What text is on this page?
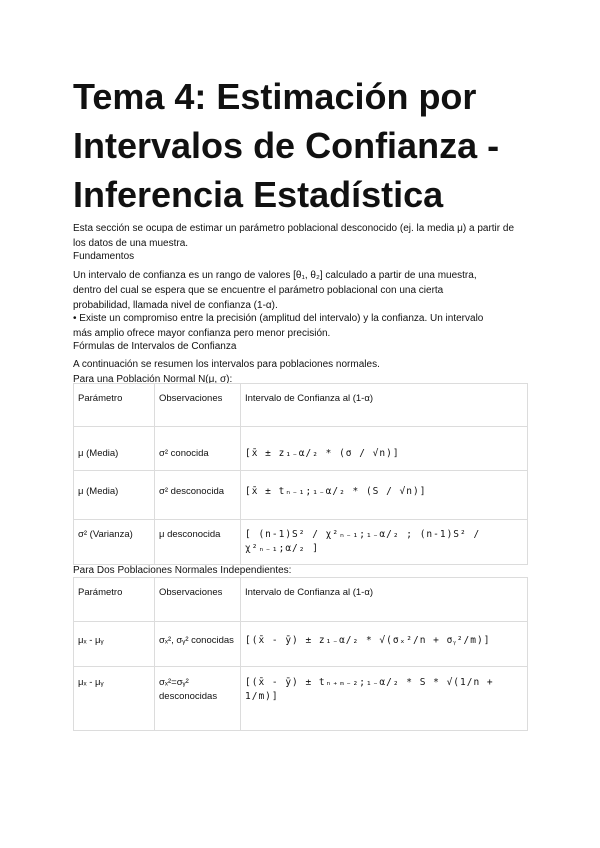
Tema 4: Estimación por Intervalos de Confianza - Inferencia Estadística
Esta sección se ocupa de estimar un parámetro poblacional desconocido (ej. la media μ) a partir de los datos de una muestra.
Fundamentos
Un intervalo de confianza es un rango de valores [θ₁, θ₂] calculado a partir de una muestra,
dentro del cual se espera que se encuentre el parámetro poblacional con una cierta
probabilidad, llamada nivel de confianza (1-α).
• Existe un compromiso entre la precisión (amplitud del intervalo) y la confianza. Un intervalo
más amplio ofrece mayor confianza pero menor precisión.
Fórmulas de Intervalos de Confianza
A continuación se resumen los intervalos para poblaciones normales.
Para una Población Normal N(μ, σ):
Parámetro	Observaciones	Intervalo de Confianza al (1-α)

μ (Media)	σ² conocida	[x̄ ± z₁₋α/₂ * (σ / √n)]

μ (Media)	σ² desconocida	[x̄ ± tₙ₋₁;₁₋α/₂ * (S / √n)]

σ² (Varianza)	μ desconocida	[ (n-1)S² / χ²ₙ₋₁;₁₋α/₂ ; (n-1)S² / χ²ₙ₋₁;α/₂ ]
Para Dos Poblaciones Normales Independientes:
Parámetro	Observaciones	Intervalo de Confianza al (1-α)

μₓ - μᵧ	σₓ², σᵧ² conocidas	[(x̄ - ȳ) ± z₁₋α/₂ * √(σₓ²/n + σᵧ²/m)]

μₓ - μᵧ	σₓ²=σᵧ² desconocidas	[(x̄ - ȳ) ± tₙ₊ₘ₋₂;₁₋α/₂ * S * √(1/n + 1/m)]
